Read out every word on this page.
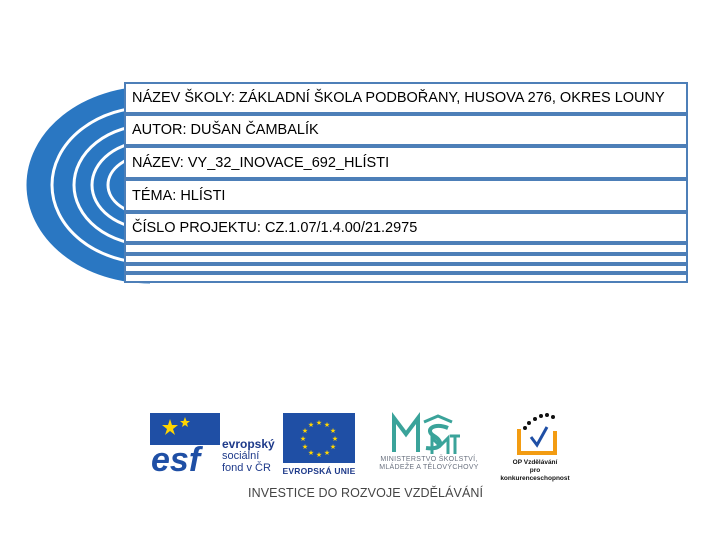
NÁZEV ŠKOLY: ZÁKLADNÍ ŠKOLA PODBOŘANY, HUSOVA 276, OKRES LOUNY
AUTOR: DUŠAN ČAMBALÍK
NÁZEV: VY_32_INOVACE_692_HLÍSTI
TÉMA: HLÍSTI
ČÍSLO PROJEKTU: CZ.1.07/1.4.00/21.2975
esf	evropský
sociální
fond v ČR
★ ★
★
★
★
★
★
★
★
★
★
★
EVROPSKÁ UNIE
MINISTERSTVO ŠKOLSTVÍ,
MLÁDEŽE A TĚLOVÝCHOVY
OP Vzdělávání
pro konkurenceschopnost
INVESTICE DO ROZVOJE VZDĚLÁVÁNÍ
